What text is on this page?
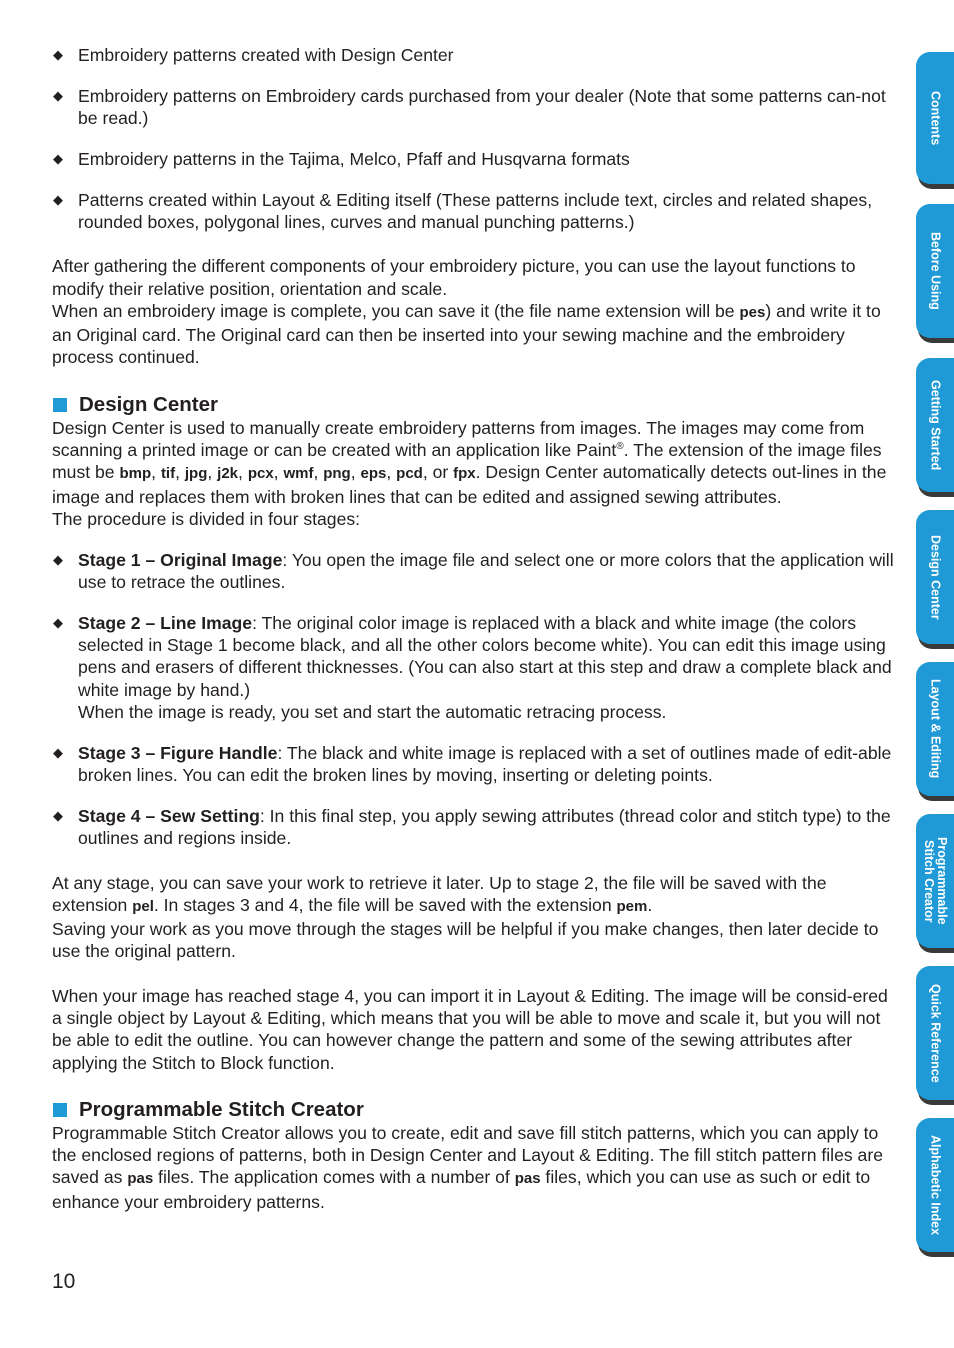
◆ Embroidery patterns created with Design Center
◆ Embroidery patterns on Embroidery cards purchased from your dealer (Note that some patterns can-not be read.)
◆ Embroidery patterns in the Tajima, Melco, Pfaff and Husqvarna formats
◆ Patterns created within Layout & Editing itself (These patterns include text, circles and related shapes, rounded boxes, polygonal lines, curves and manual punching patterns.)

After gathering the different components of your embroidery picture, you can use the layout functions to modify their relative position, orientation and scale.

When an embroidery image is complete, you can save it (the file name extension will be pes) and write it to an Original card. The Original card can then be inserted into your sewing machine and the embroidery process continued.

Design Center

Design Center is used to manually create embroidery patterns from images. The images may come from scanning a printed image or can be created with an application like Paint®. The extension of the image files must be bmp, tif, jpg, j2k, pcx, wmf, png, eps, pcd, or fpx. Design Center automatically detects out-lines in the image and replaces them with broken lines that can be edited and assigned sewing attributes.

The procedure is divided in four stages:

◆ Stage 1 – Original Image: You open the image file and select one or more colors that the application will use to retrace the outlines.
◆ Stage 2 – Line Image: The original color image is replaced with a black and white image (the colors selected in Stage 1 become black, and all the other colors become white). You can edit this image using pens and erasers of different thicknesses. (You can also start at this step and draw a complete black and white image by hand.)
When the image is ready, you set and start the automatic retracing process.
◆ Stage 3 – Figure Handle: The black and white image is replaced with a set of outlines made of edit-able broken lines. You can edit the broken lines by moving, inserting or deleting points.
◆ Stage 4 – Sew Setting: In this final step, you apply sewing attributes (thread color and stitch type) to the outlines and regions inside.

At any stage, you can save your work to retrieve it later. Up to stage 2, the file will be saved with the extension pel. In stages 3 and 4, the file will be saved with the extension pem.

Saving your work as you move through the stages will be helpful if you make changes, then later decide to use the original pattern.

When your image has reached stage 4, you can import it in Layout & Editing. The image will be consid-ered a single object by Layout & Editing, which means that you will be able to move and scale it, but you will not be able to edit the outline. You can however change the pattern and some of the sewing attributes after applying the Stitch to Block function.

Programmable Stitch Creator

Programmable Stitch Creator allows you to create, edit and save fill stitch patterns, which you can apply to the enclosed regions of patterns, both in Design Center and Layout & Editing. The fill stitch pattern files are saved as pas files. The application comes with a number of pas files, which you can use as such or edit to enhance your embroidery patterns.

10
Contents
Before Using
Getting Started
Design Center
Layout & Editing
Programmable
Stitch Creator
Quick Reference
Alphabetic Index
